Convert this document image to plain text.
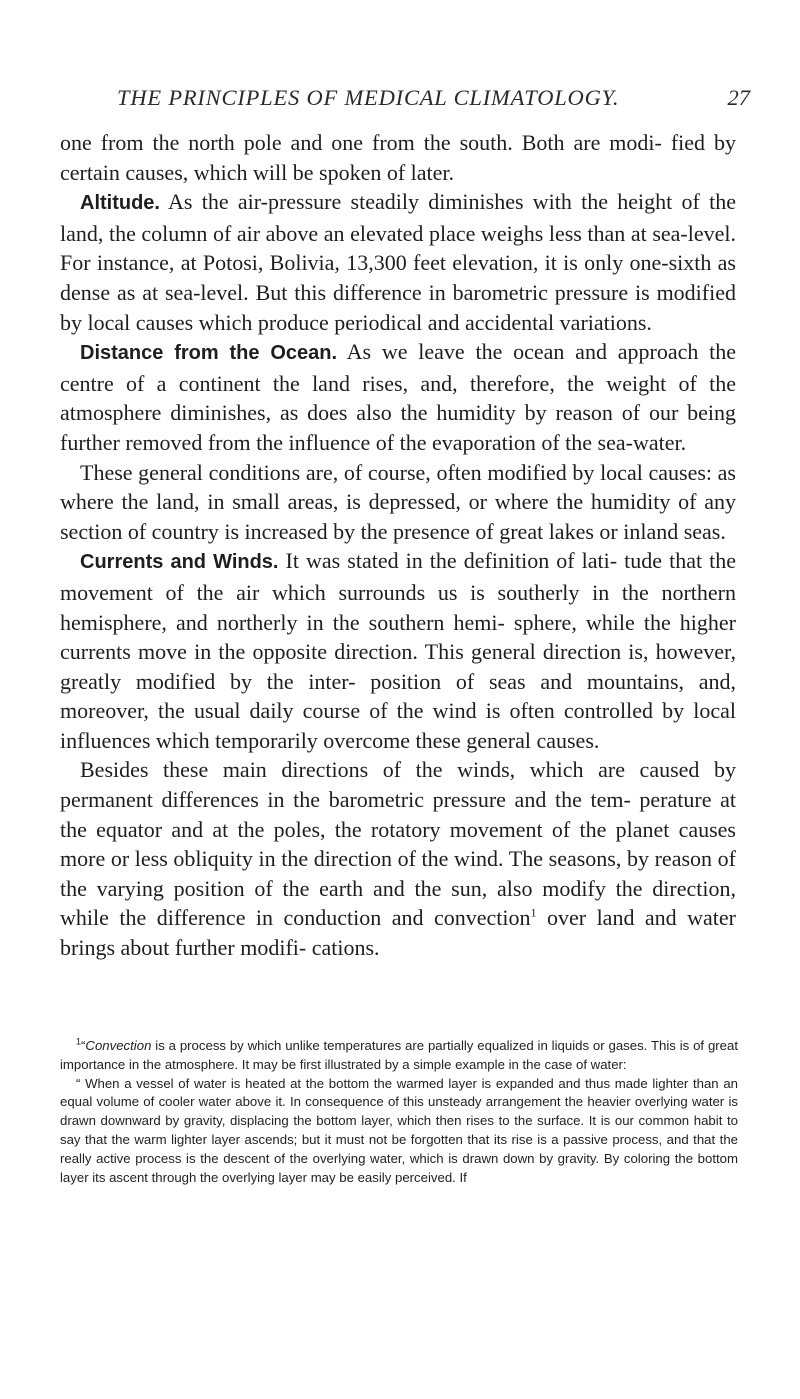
THE PRINCIPLES OF MEDICAL CLIMATOLOGY.	27

one from the north pole and one from the south. Both are modi- fied by certain causes, which will be spoken of later.

Altitude. As the air-pressure steadily diminishes with the height of the land, the column of air above an elevated place weighs less than at sea-level. For instance, at Potosi, Bolivia, 13,300 feet elevation, it is only one-sixth as dense as at sea-level. But this difference in barometric pressure is modified by local causes which produce periodical and accidental variations.

Distance from the Ocean. As we leave the ocean and approach the centre of a continent the land rises, and, therefore, the weight of the atmosphere diminishes, as does also the humidity by reason of our being further removed from the influence of the evaporation of the sea-water.

These general conditions are, of course, often modified by local causes: as where the land, in small areas, is depressed, or where the humidity of any section of country is increased by the presence of great lakes or inland seas.

Currents and Winds. It was stated in the definition of lati- tude that the movement of the air which surrounds us is southerly in the northern hemisphere, and northerly in the southern hemi- sphere, while the higher currents move in the opposite direction. This general direction is, however, greatly modified by the inter- position of seas and mountains, and, moreover, the usual daily course of the wind is often controlled by local influences which temporarily overcome these general causes.

Besides these main directions of the winds, which are caused by permanent differences in the barometric pressure and the tem- perature at the equator and at the poles, the rotatory movement of the planet causes more or less obliquity in the direction of the wind. The seasons, by reason of the varying position of the earth and the sun, also modify the direction, while the difference in conduction and convection$^1$ over land and water brings about further modifi- cations.

$^1$“Convection is a process by which unlike temperatures are partially equalized in liquids or gases. This is of great importance in the atmosphere. It may be first illustrated by a simple example in the case of water:

“ When a vessel of water is heated at the bottom the warmed layer is expanded and thus made lighter than an equal volume of cooler water above it. In consequence of this unsteady arrangement the heavier overlying water is drawn downward by gravity, displacing the bottom layer, which then rises to the surface. It is our common habit to say that the warm lighter layer ascends; but it must not be forgotten that its rise is a passive process, and that the really active process is the descent of the overlying water, which is drawn down by gravity. By coloring the bottom layer its ascent through the overlying layer may be easily perceived. If
